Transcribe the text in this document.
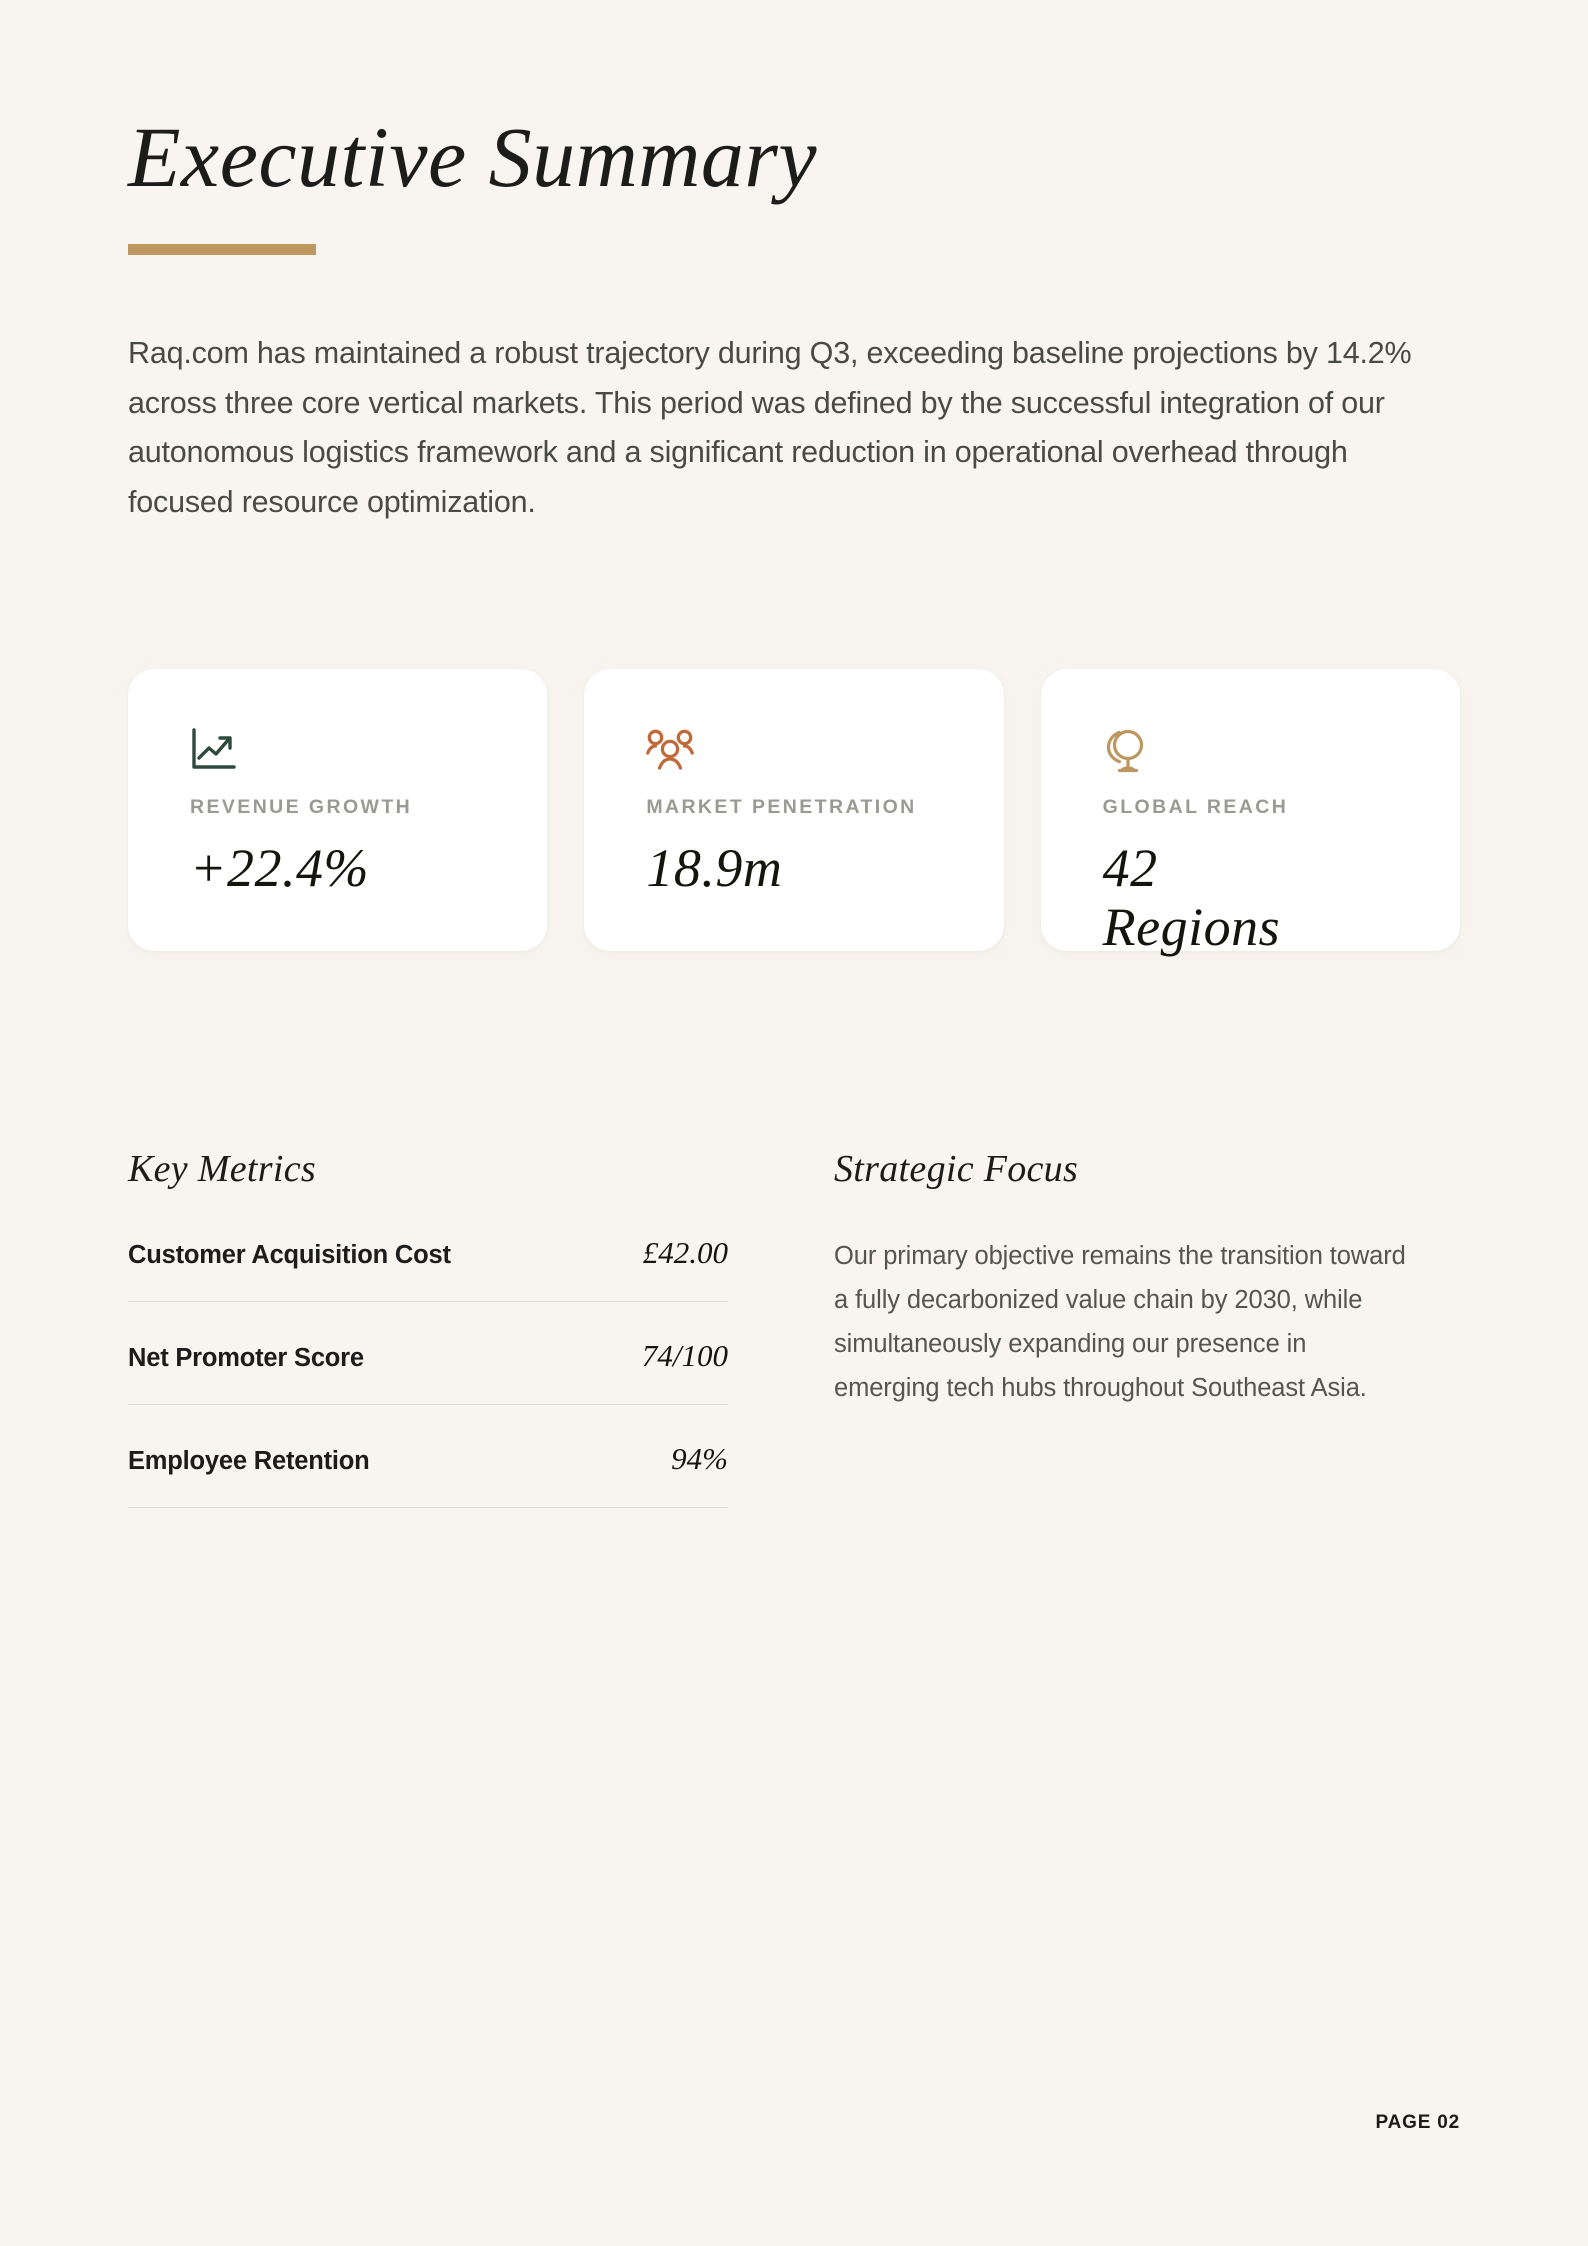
Executive Summary

Raq.com has maintained a robust trajectory during Q3, exceeding baseline projections by 14.2% across three core vertical markets. This period was defined by the successful integration of our autonomous logistics framework and a significant reduction in operational overhead through focused resource optimization.

REVENUE GROWTH
+22.4%
MARKET PENETRATION
18.9m
GLOBAL REACH
42
Regions
Key Metrics
Customer Acquisition Cost	£42.00
Net Promoter Score	74/100
Employee Retention	94%
Strategic Focus

Our primary objective remains the transition toward a fully decarbonized value chain by 2030, while simultaneously expanding our presence in emerging tech hubs throughout Southeast Asia.

PAGE 02
